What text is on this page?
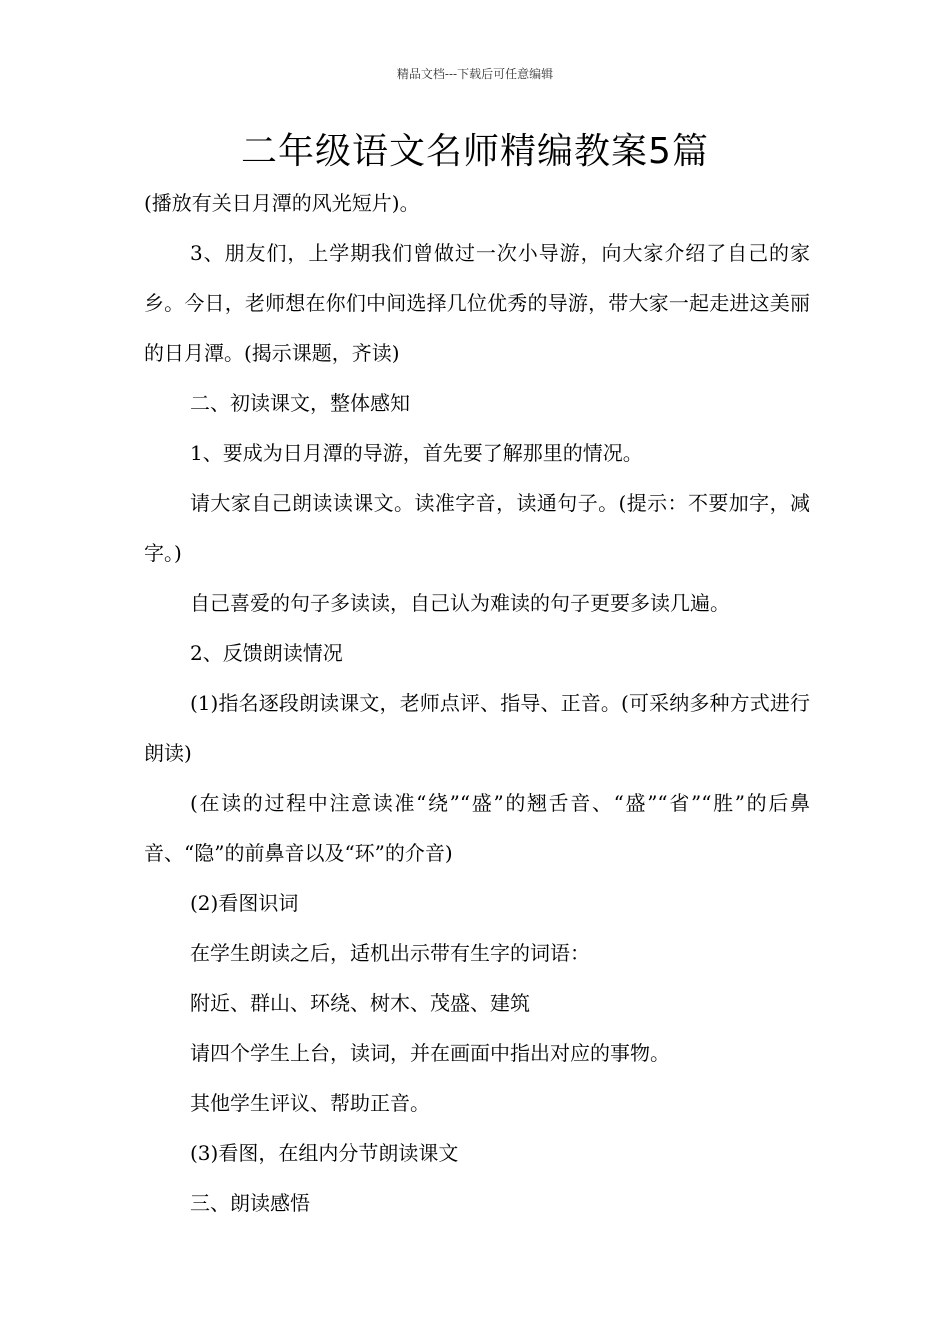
精品文档---下载后可任意编辑
二年级语文名师精编教案5篇

(播放有关日月潭的风光短片)。

3、朋友们，上学期我们曾做过一次小导游，向大家介绍了自己的家乡。今日，老师想在你们中间选择几位优秀的导游，带大家一起走进这美丽的日月潭。(揭示课题，齐读)

二、初读课文，整体感知

1、要成为日月潭的导游，首先要了解那里的情况。

请大家自己朗读读课文。读准字音，读通句子。(提示：不要加字，减字。)

自己喜爱的句子多读读，自己认为难读的句子更要多读几遍。

2、反馈朗读情况

(1)指名逐段朗读课文，老师点评、指导、正音。(可采纳多种方式进行朗读)

(在读的过程中注意读准“绕”“盛”的翘舌音、“盛”“省”“胜”的后鼻音、“隐”的前鼻音以及“环”的介音)

(2)看图识词

在学生朗读之后，适机出示带有生字的词语：

附近、群山、环绕、树木、茂盛、建筑

请四个学生上台，读词，并在画面中指出对应的事物。

其他学生评议、帮助正音。

(3)看图，在组内分节朗读课文

三、朗读感悟
